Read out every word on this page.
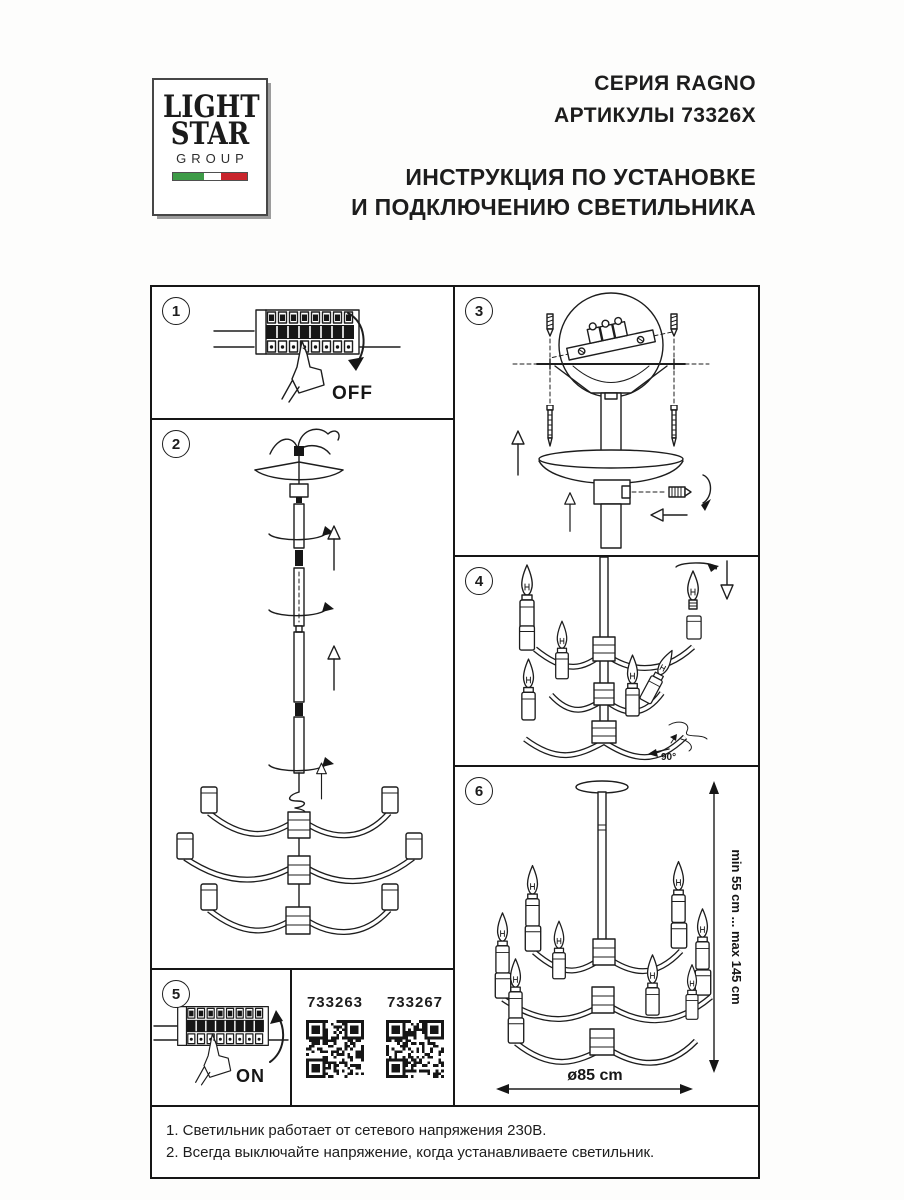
LIGHT
STAR
GROUP
СЕРИЯ RAGNO
АРТИКУЛЫ 73326X
ИНСТРУКЦИЯ ПО УСТАНОВКЕ
И ПОДКЛЮЧЕНИЮ СВЕТИЛЬНИКА
1
OFF
2
5
ON
733263	733267
3
4
90°
6
min 55 cm ... max 145 cm
ø85 cm
1. Светильник работает от сетевого напряжения 230В.
2. Всегда выключайте напряжение, когда устанавливаете светильник.
